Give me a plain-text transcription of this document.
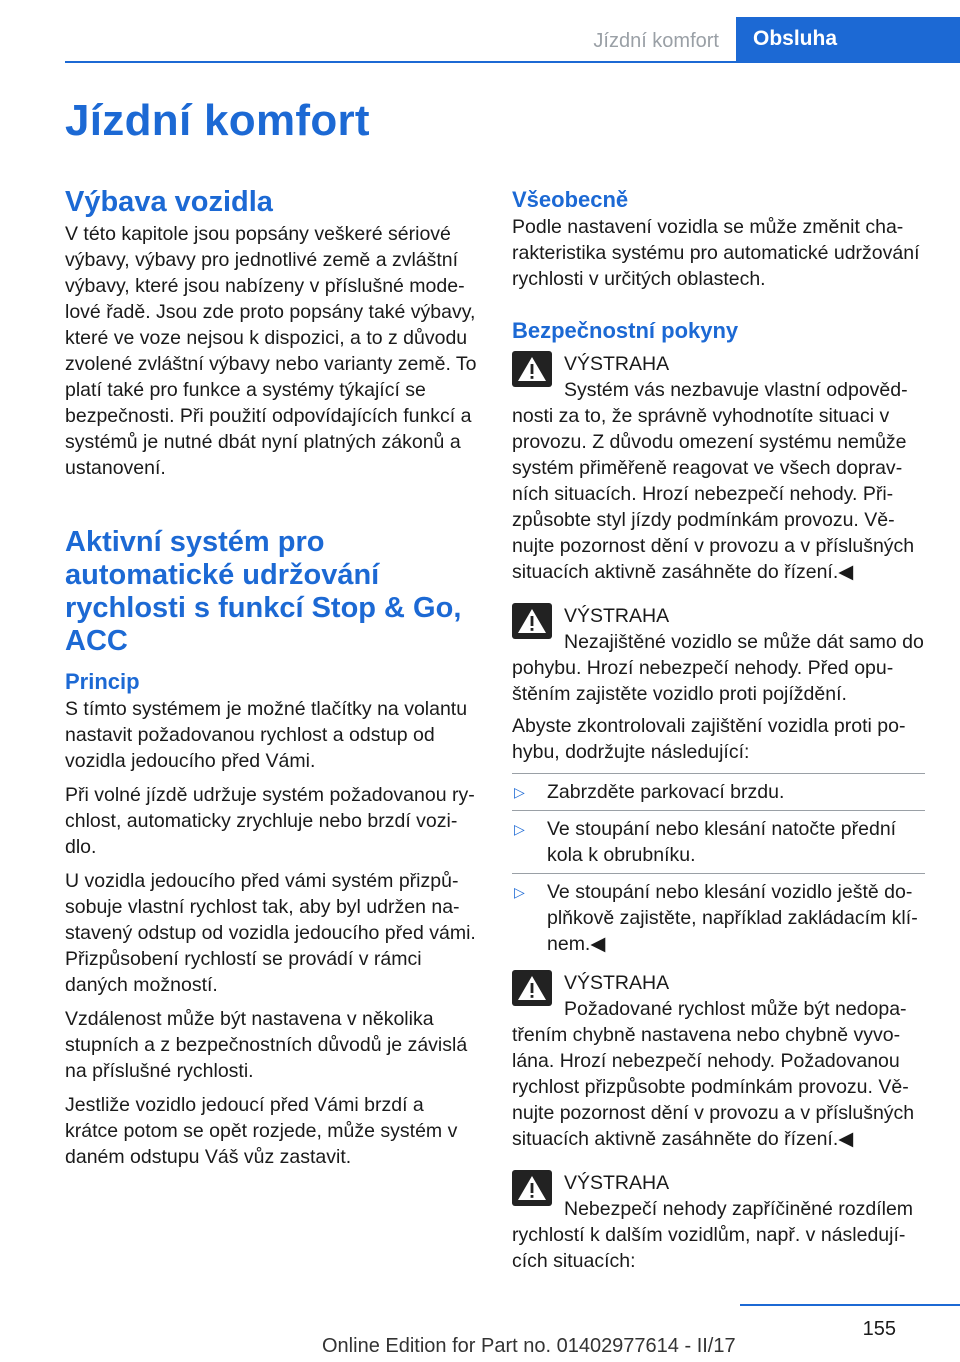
Jízdní komfort Obsluha
Jízdní komfort
Výbava vozidla

V této kapitole jsou popsány veškeré sériové výbavy, výbavy pro jednotlivé země a zvláštní výbavy, které jsou nabízeny v příslušné modelové řadě. Jsou zde proto popsány také výbavy, které ve voze nejsou k dispozici, a to z důvodu zvolené zvláštní výbavy nebo varianty země. To platí také pro funkce a systémy týkající se bezpečnosti. Při použití odpovídajících funkcí a systémů je nutné dbát nyní platných zákonů a ustanovení.

Aktivní systém pro automatické udržování rychlosti s funkcí Stop & Go, ACC
Princip

S tímto systémem je možné tlačítky na volantu nastavit požadovanou rychlost a odstup od vozidla jedoucího před Vámi.

Při volné jízdě udržuje systém požadovanou rychlost, automaticky zrychluje nebo brzdí vozidlo.

U vozidla jedoucího před vámi systém přizpůsobuje vlastní rychlost tak, aby byl udržen nastavený odstup od vozidla jedoucího před vámi. Přizpůsobení rychlostí se provádí v rámci daných možností.

Vzdálenost může být nastavena v několika stupních a z bezpečnostních důvodů je závislá na příslušné rychlosti.

Jestliže vozidlo jedoucí před Vámi brzdí a krátce potom se opět rozjede, může systém v daném odstupu Váš vůz zastavit.

Všeobecně

Podle nastavení vozidla se může změnit charakteristika systému pro automatické udržování rychlosti v určitých oblastech.

Bezpečnostní pokyny
VÝSTRAHA

Systém vás nezbavuje vlastní odpovědnosti za to, že správně vyhodnotíte situaci v provozu. Z důvodu omezení systému nemůže systém přiměřeně reagovat ve všech dopravních situacích. Hrozí nebezpečí nehody. Přizpůsobte styl jízdy podmínkám provozu. Věnujte pozornost dění v provozu a v příslušných situacích aktivně zasáhněte do řízení.◀

VÝSTRAHA

Nezajištěné vozidlo se může dát samo do pohybu. Hrozí nebezpečí nehody. Před opuštěním zajistěte vozidlo proti pojíždění.

Abyste zkontrolovali zajištění vozidla proti pohybu, dodržujte následující:

▷	Zabrzděte parkovací brzdu.
▷	Ve stoupání nebo klesání natočte přední kola k obrubníku.
▷	Ve stoupání nebo klesání vozidlo ještě doplňkově zajistěte, například zakládacím klínem.◀
VÝSTRAHA

Požadované rychlost může být nedopatřením chybně nastavena nebo chybně vyvolána. Hrozí nebezpečí nehody. Požadovanou rychlost přizpůsobte podmínkám provozu. Věnujte pozornost dění v provozu a v příslušných situacích aktivně zasáhněte do řízení.◀

VÝSTRAHA

Nebezpečí nehody zapříčiněné rozdílem rychlostí k dalším vozidlům, např. v následujících situacích:

155
Online Edition for Part no. 01402977614 - II/17
